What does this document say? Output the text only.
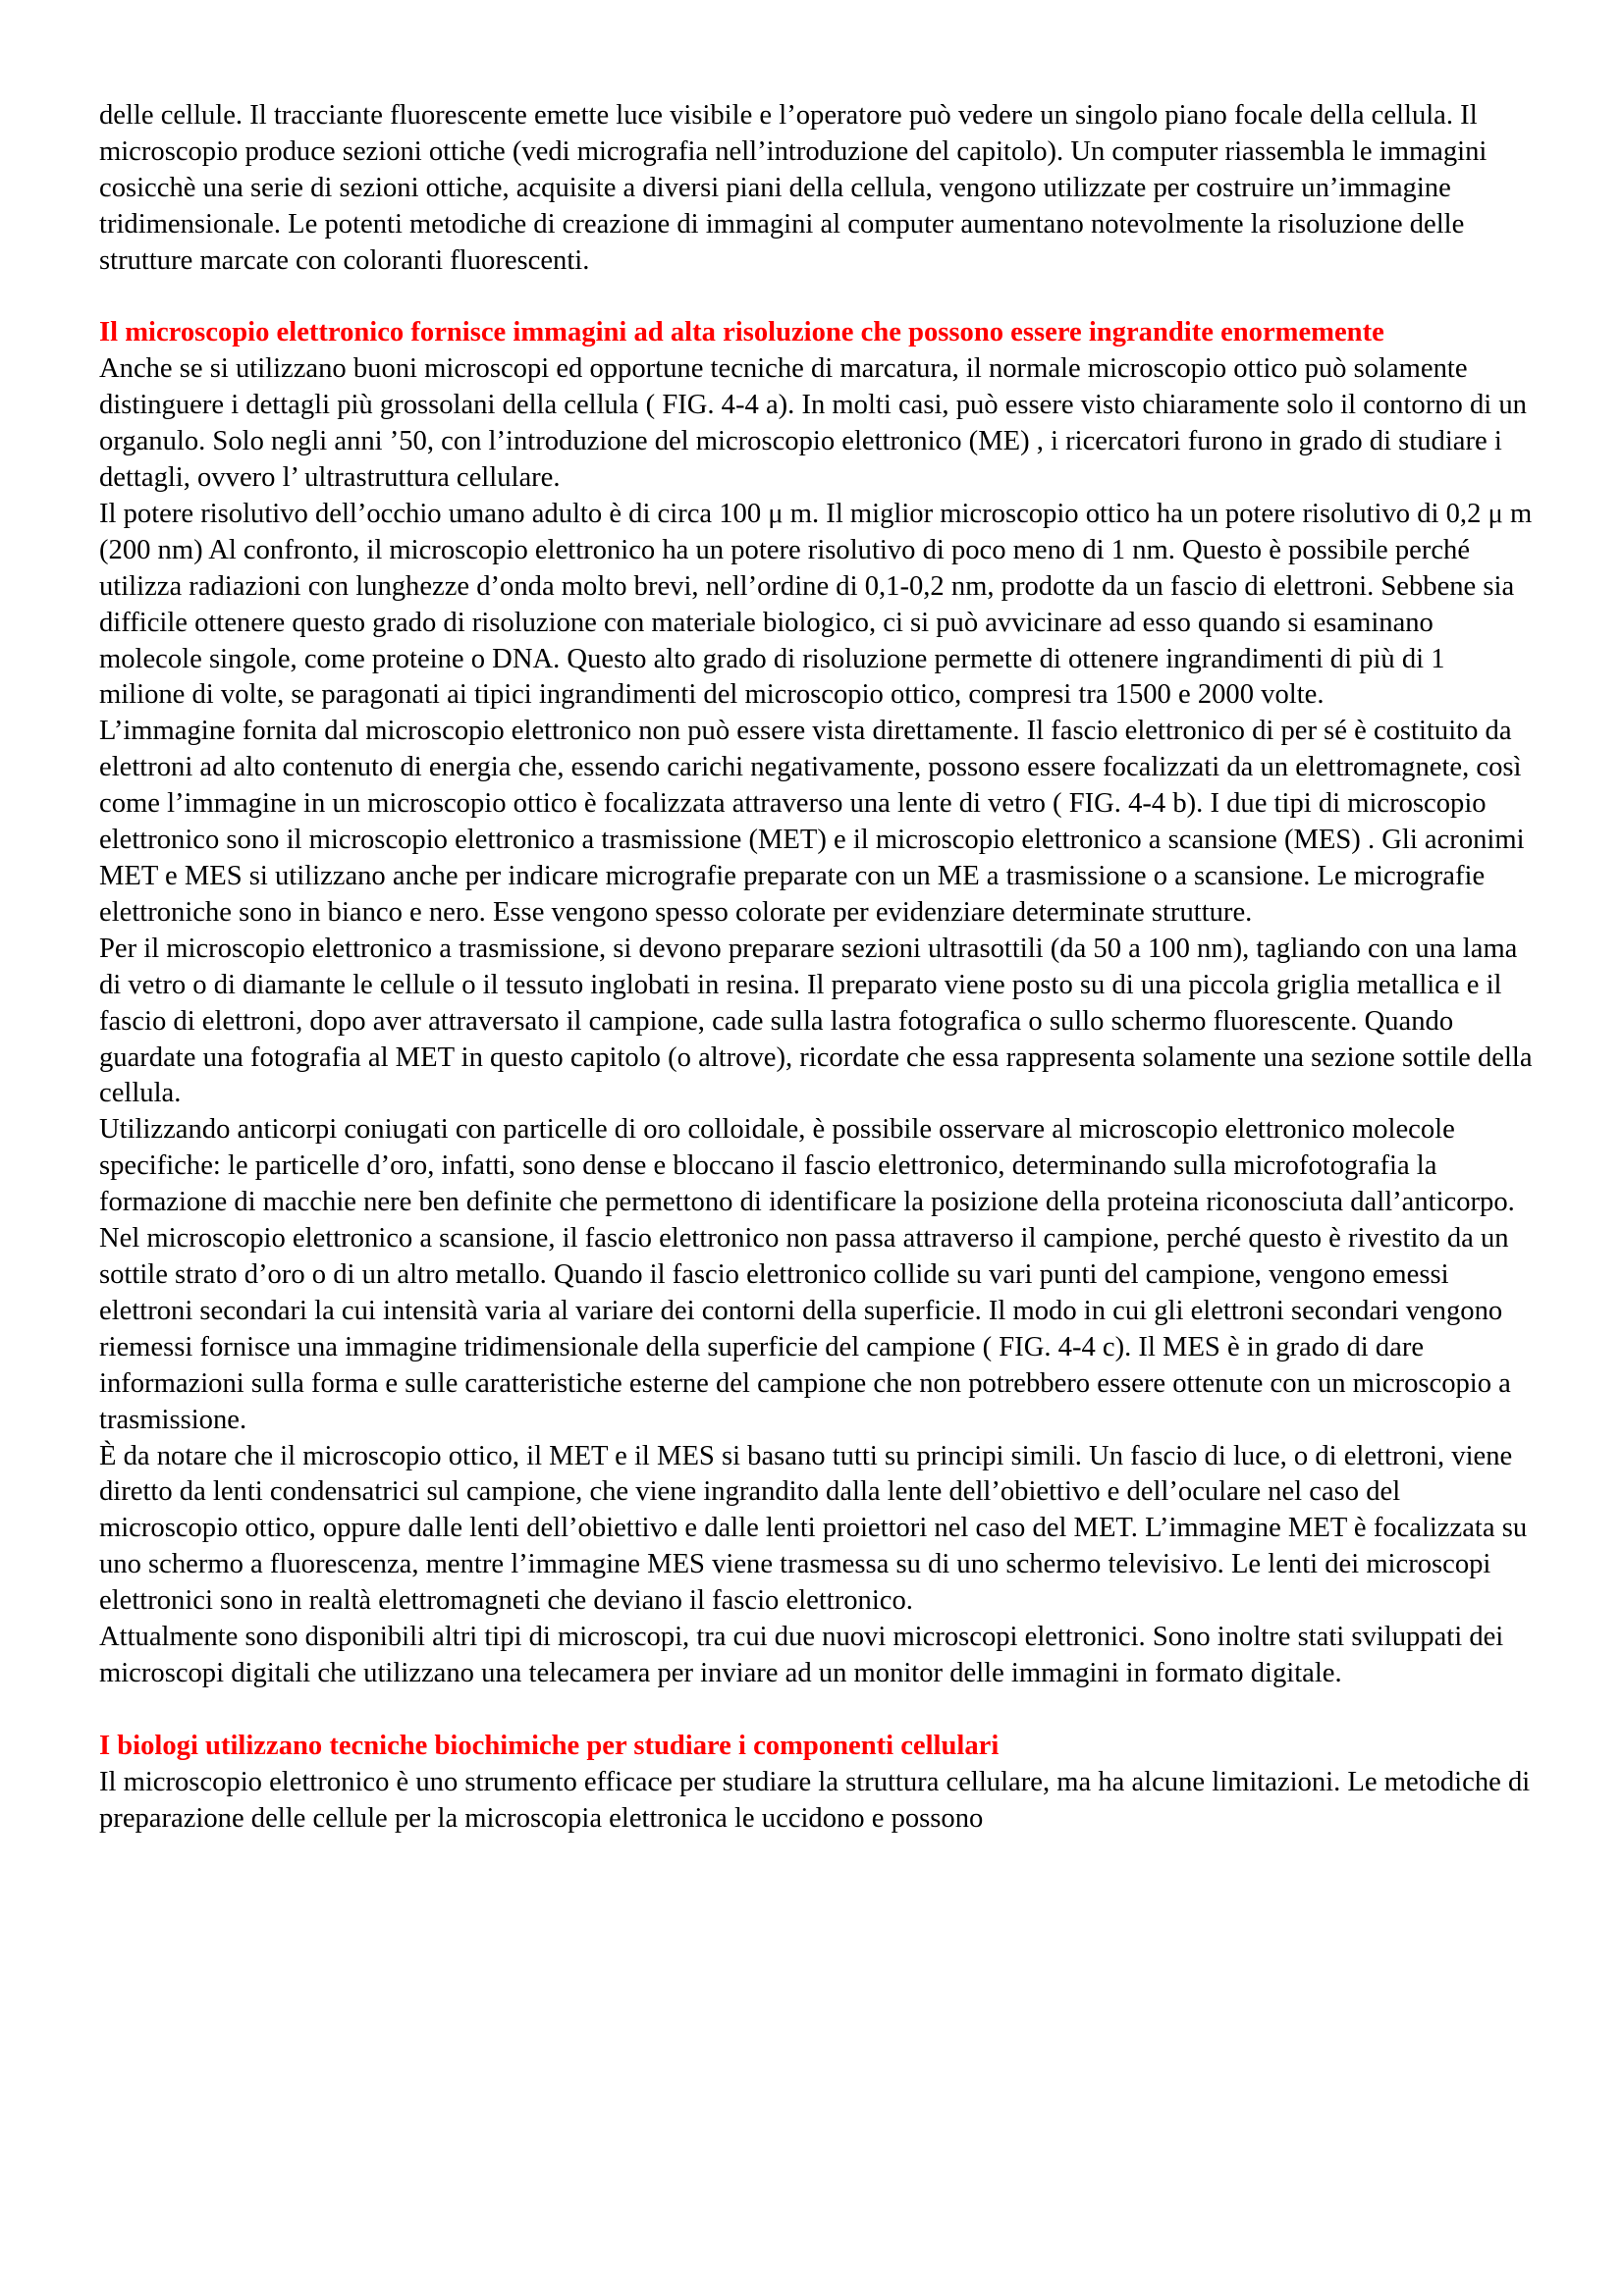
delle cellule. Il tracciante fluorescente emette luce visibile e l’operatore può vedere un singolo piano focale della cellula. Il microscopio produce sezioni ottiche (vedi micrografia nell’introduzione del capitolo). Un computer riassembla le immagini cosicchè una serie di sezioni ottiche, acquisite a diversi piani della cellula, vengono utilizzate per costruire un’immagine tridimensionale. Le potenti metodiche di creazione di immagini al computer aumentano notevolmente la risoluzione delle strutture marcate con coloranti fluorescenti.

Il microscopio elettronico fornisce immagini ad alta risoluzione che possono essere ingrandite enormemente

Anche se si utilizzano buoni microscopi ed opportune tecniche di marcatura, il normale microscopio ottico può solamente distinguere i dettagli più grossolani della cellula ( FIG. 4-4 a). In molti casi, può essere visto chiaramente solo il contorno di un organulo. Solo negli anni ’50, con l’introduzione del microscopio elettronico (ME) , i ricercatori furono in grado di studiare i dettagli, ovvero l’ ultrastruttura cellulare.

Il potere risolutivo dell’occhio umano adulto è di circa 100 μ m. Il miglior microscopio ottico ha un potere risolutivo di 0,2 μ m (200 nm) Al confronto, il microscopio elettronico ha un potere risolutivo di poco meno di 1 nm. Questo è possibile perché utilizza radiazioni con lunghezze d’onda molto brevi, nell’ordine di 0,1-0,2 nm, prodotte da un fascio di elettroni. Sebbene sia difficile ottenere questo grado di risoluzione con materiale biologico, ci si può avvicinare ad esso quando si esaminano molecole singole, come proteine o DNA. Questo alto grado di risoluzione permette di ottenere ingrandimenti di più di 1 milione di volte, se paragonati ai tipici ingrandimenti del microscopio ottico, compresi tra 1500 e 2000 volte.

L’immagine fornita dal microscopio elettronico non può essere vista direttamente. Il fascio elettronico di per sé è costituito da elettroni ad alto contenuto di energia che, essendo carichi negativamente, possono essere focalizzati da un elettromagnete, così come l’immagine in un microscopio ottico è focalizzata attraverso una lente di vetro ( FIG. 4-4 b). I due tipi di microscopio elettronico sono il microscopio elettronico a trasmissione (MET) e il microscopio elettronico a scansione (MES) . Gli acronimi MET e MES si utilizzano anche per indicare micrografie preparate con un ME a trasmissione o a scansione. Le micrografie elettroniche sono in bianco e nero. Esse vengono spesso colorate per evidenziare determinate strutture.

Per il microscopio elettronico a trasmissione, si devono preparare sezioni ultrasottili (da 50 a 100 nm), tagliando con una lama di vetro o di diamante le cellule o il tessuto inglobati in resina. Il preparato viene posto su di una piccola griglia metallica e il fascio di elettroni, dopo aver attraversato il campione, cade sulla lastra fotografica o sullo schermo fluorescente. Quando guardate una fotografia al MET in questo capitolo (o altrove), ricordate che essa rappresenta solamente una sezione sottile della cellula.

Utilizzando anticorpi coniugati con particelle di oro colloidale, è possibile osservare al microscopio elettronico molecole specifiche: le particelle d’oro, infatti, sono dense e bloccano il fascio elettronico, determinando sulla microfotografia la formazione di macchie nere ben definite che permettono di identificare la posizione della proteina riconosciuta dall’anticorpo.

Nel microscopio elettronico a scansione, il fascio elettronico non passa attraverso il campione, perché questo è rivestito da un sottile strato d’oro o di un altro metallo. Quando il fascio elettronico collide su vari punti del campione, vengono emessi elettroni secondari la cui intensità varia al variare dei contorni della superficie. Il modo in cui gli elettroni secondari vengono riemessi fornisce una immagine tridimensionale della superficie del campione ( FIG. 4-4 c). Il MES è in grado di dare informazioni sulla forma e sulle caratteristiche esterne del campione che non potrebbero essere ottenute con un microscopio a trasmissione.

È da notare che il microscopio ottico, il MET e il MES si basano tutti su principi simili. Un fascio di luce, o di elettroni, viene diretto da lenti condensatrici sul campione, che viene ingrandito dalla lente dell’obiettivo e dell’oculare nel caso del microscopio ottico, oppure dalle lenti dell’obiettivo e dalle lenti proiettori nel caso del MET. L’immagine MET è focalizzata su uno schermo a fluorescenza, mentre l’immagine MES viene trasmessa su di uno schermo televisivo. Le lenti dei microscopi elettronici sono in realtà elettromagneti che deviano il fascio elettronico.

Attualmente sono disponibili altri tipi di microscopi, tra cui due nuovi microscopi elettronici. Sono inoltre stati sviluppati dei microscopi digitali che utilizzano una telecamera per inviare ad un monitor delle immagini in formato digitale.

I biologi utilizzano tecniche biochimiche per studiare i componenti cellulari

Il microscopio elettronico è uno strumento efficace per studiare la struttura cellulare, ma ha alcune limitazioni. Le metodiche di preparazione delle cellule per la microscopia elettronica le uccidono e possono
